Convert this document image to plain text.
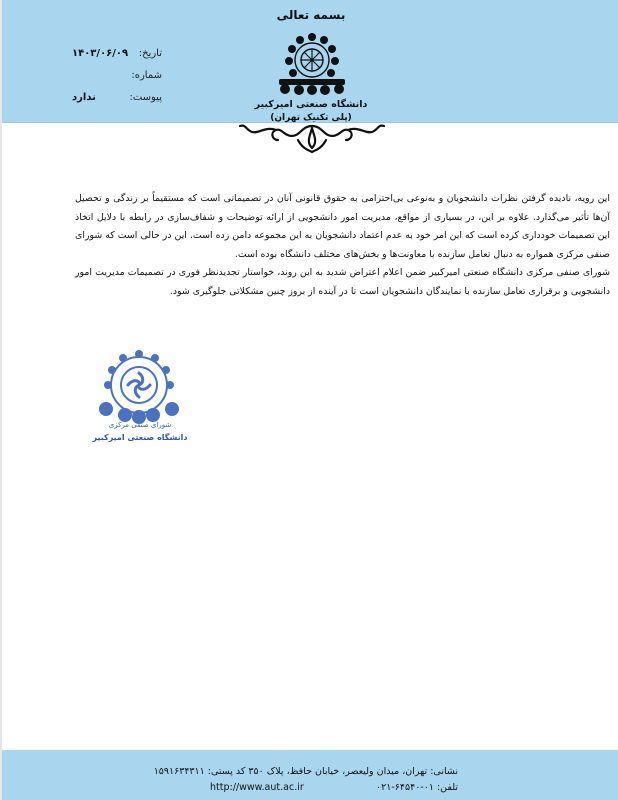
بسمه تعالی
دانشگاه صنعتی امیرکبیر
(پلی تکنیک تهران)
تاریخ:
۱۴۰۳/۰۶/۰۹
شماره:
پیوست:
ندارد

این رویه، نادیده گرفتن نظرات دانشجویان و به‌نوعی بی‌احترامی به حقوق قانونی آنان در تصمیماتی است که مستقیماً بر زندگی و تحصیل آن‌ها تأثیر می‌گذارد. علاوه بر این، در بسیاری از مواقع، مدیریت امور دانشجویی از ارائه توضیحات و شفاف‌سازی در رابطه با دلایل اتخاذ این تصمیمات خودداری کرده است که این امر خود به عدم اعتماد دانشجویان به این مجموعه دامن زده است. این در حالی است که شورای صنفی مرکزی همواره به دنبال تعامل سازنده با معاونت‌ها و بخش‌های مختلف دانشگاه بوده است.

شورای صنفی مرکزی دانشگاه صنعتی امیرکبیر ضمن اعلام اعتراض شدید به این روند، خواستار تجدیدنظر فوری در تصمیمات مدیریت امور دانشجویی و برقراری تعامل سازنده با نمایندگان دانشجویان است تا در آینده از بروز چنین مشکلاتی جلوگیری شود.

شورای صنفی مرکزی
دانشگاه صنعتی امیرکبیر
نشانی: تهران، میدان ولیعصر، خیابان حافظ، پلاک ۳۵۰ کد پستی: ۱۵۹۱۶۳۴۳۱۱
تلفن: ۰۱-۶۴۵۴۰-۰۲۱
http://www.aut.ac.ir
